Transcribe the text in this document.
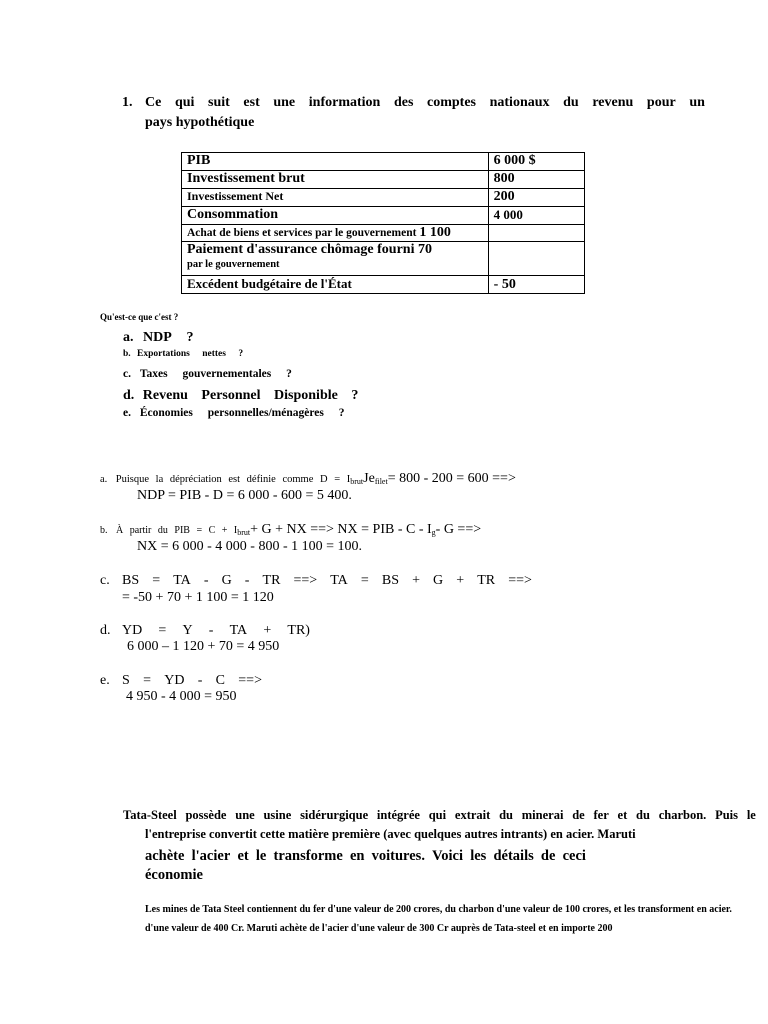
1. Ce qui suit est une information des comptes nationaux du revenu pour un
pays hypothétique
PIB	6 000 $
Investissement brut	800
Investissement Net	200
Consommation	4 000
Achat de biens et services par le gouvernement 1 100	

Paiement d'assurance chômage fourni 70
par le gouvernement	

Excédent budgétaire de l'État	- 50
Qu'est-ce que c'est ?
a. NDP ?
b. Exportations nettes ?
c. Taxes gouvernementales ?
d. Revenu Personnel Disponible ?
e. Économies personnelles/ménagères ?
a. Puisque la dépréciation est définie comme $D = I_{brut}Je_{filet}= 800 - 200 = 600$ ==>
NDP = PIB - D = 6 000 - 600 = 5 400.
b. À partir du PIB = $C + I_{brut}+ G$ + NX ==> NX = PIB - C - $I_g-$ G ==>
NX = 6 000 - 4 000 - 800 - 1 100 = 100.
c. BS = TA - G - TR ==> TA = BS + G + TR ==>
= -50 + 70 + 1 100 = 1 120
d. YD = Y - TA + TR)
6 000 – 1 120 + 70 = 4 950
e. S = YD - C ==>
4 950 - 4 000 = 950
Tata-Steel possède une usine sidérurgique intégrée qui extrait du minerai de fer et du charbon. Puis le
l'entreprise convertit cette matière première (avec quelques autres intrants) en acier. Maruti
achète l'acier et le transforme en voitures. Voici les détails de ceci
économie
Les mines de Tata Steel contiennent du fer d'une valeur de 200 crores, du charbon d'une valeur de 100 crores, et les transforment en acier.
d'une valeur de 400 Cr. Maruti achète de l'acier d'une valeur de 300 Cr auprès de Tata-steel et en importe 200
